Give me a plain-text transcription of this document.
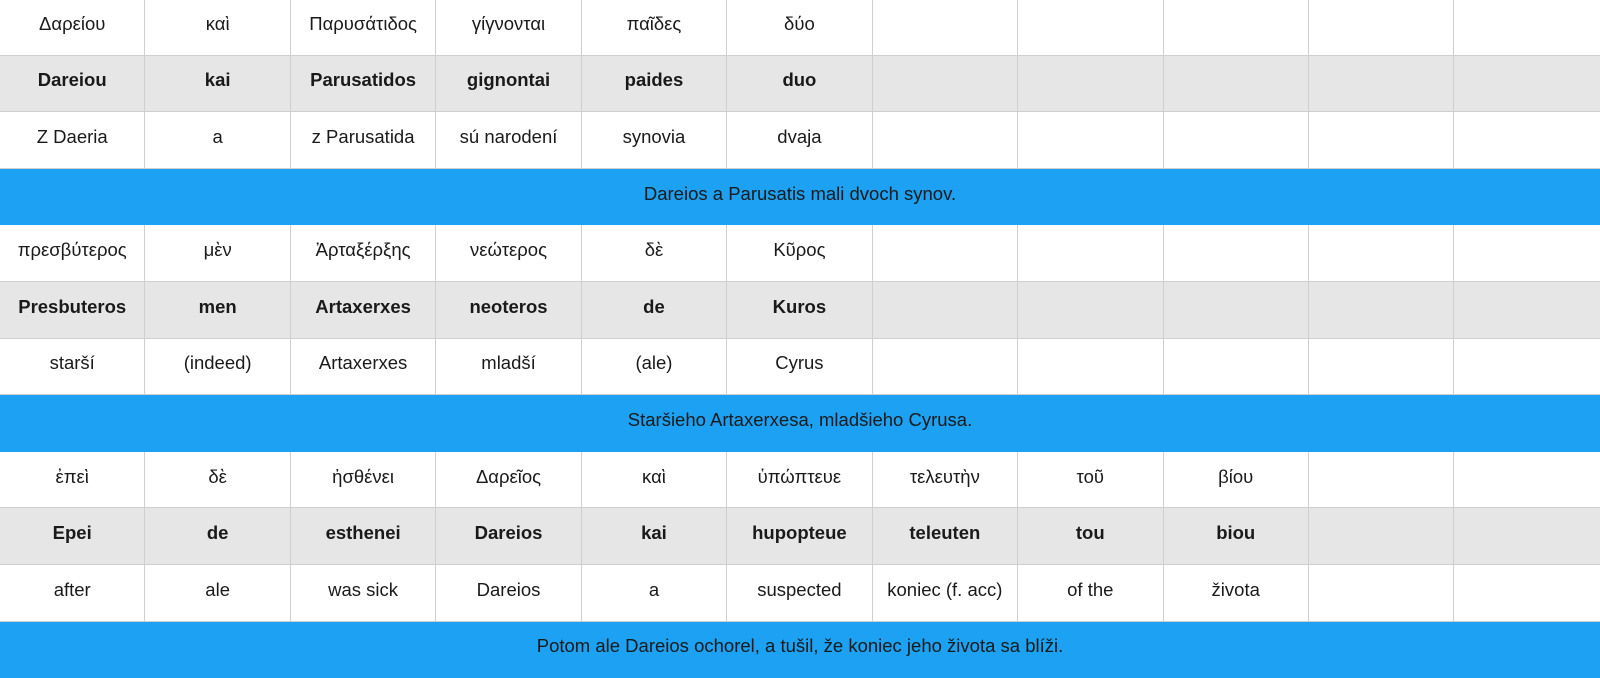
Δαρείου	καὶ	Παρυσάτιδος	γίγνονται	παῖδες	δύο
Dareiou	kai	Parusatidos	gignontai	paides	duo
Z Daeria	a	z Parusatida	sú narodení	synovia	dvaja
Dareios a Parusatis mali dvoch synov.
πρεσβύτερος	μὲν	Ἀρταξέρξης	νεώτερος	δὲ	Κῦρος
Presbuteros	men	Artaxerxes	neoteros	de	Kuros
starší	(indeed)	Artaxerxes	mladší	(ale)	Cyrus
Staršieho Artaxerxesa, mladšieho Cyrusa.
ἐπεὶ	δὲ	ἠσθένει	Δαρεῖος	καὶ	ὑπώπτευε	τελευτὴν	τοῦ	βίου
Epei	de	esthenei	Dareios	kai	hupopteue	teleuten	tou	biou
after	ale	was sick	Dareios	a	suspected	koniec (f. acc)	of the	života
Potom ale Dareios ochorel, a tušil, že koniec jeho života sa blíži.
